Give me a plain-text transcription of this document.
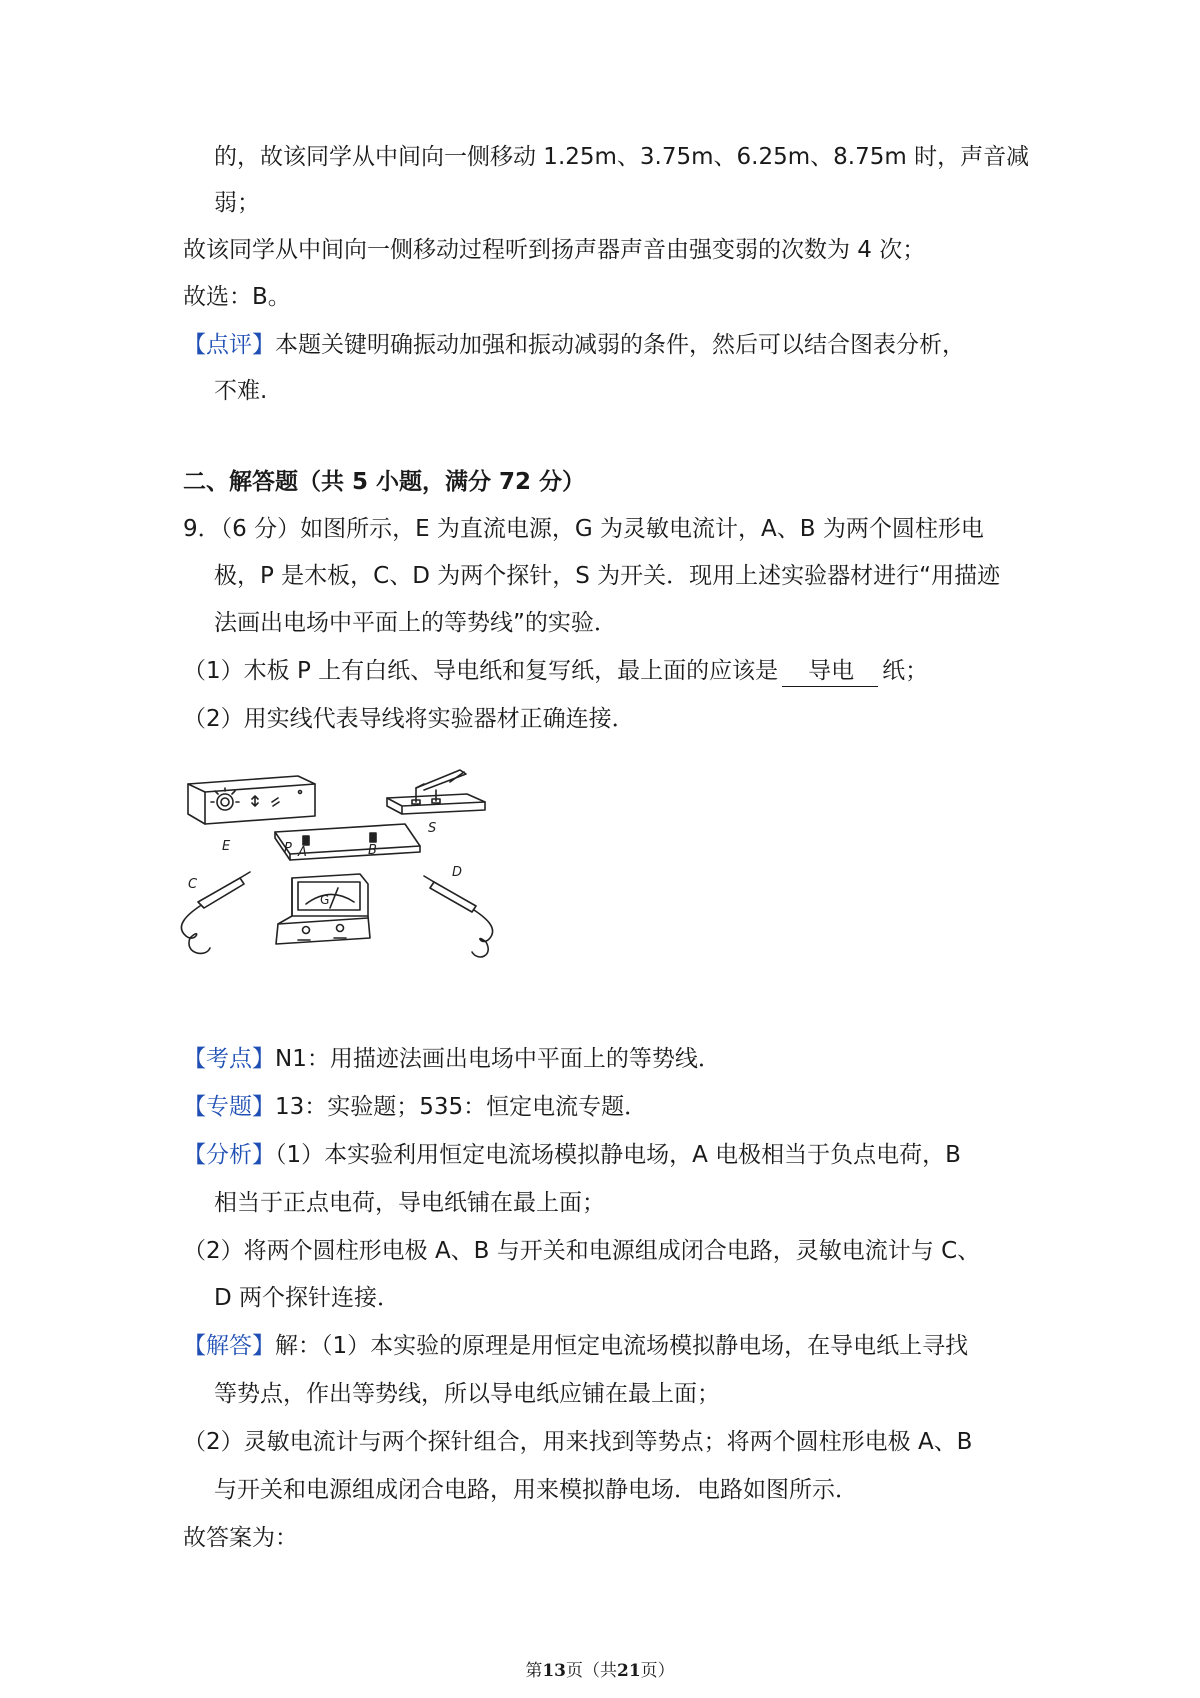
的，故该同学从中间向一侧移动 1.25m、3.75m、6.25m、8.75m 时，声音减
弱；
故该同学从中间向一侧移动过程听到扬声器声音由强变弱的次数为 4 次；
故选：B。
【点评】本题关键明确振动加强和振动减弱的条件，然后可以结合图表分析，
不难.
二、解答题（共 5 小题，满分 72 分）
9．（6 分）如图所示，E 为直流电源，G 为灵敏电流计，A、B 为两个圆柱形电
极，P 是木板，C、D 为两个探针，S 为开关．现用上述实验器材进行“用描迹
法画出电场中平面上的等势线”的实验．
（1）木板 P 上有白纸、导电纸和复写纸，最上面的应该是 导电 纸；
（2）用实线代表导线将实验器材正确连接．
E
S
P A	B
C
D
G
【考点】N1：用描迹法画出电场中平面上的等势线．
【专题】13：实验题；535：恒定电流专题．
【分析】（1）本实验利用恒定电流场模拟静电场，A 电极相当于负点电荷，B
相当于正点电荷，导电纸铺在最上面；
（2）将两个圆柱形电极 A、B 与开关和电源组成闭合电路，灵敏电流计与 C、
D 两个探针连接．
【解答】解：（1）本实验的原理是用恒定电流场模拟静电场，在导电纸上寻找
等势点，作出等势线，所以导电纸应铺在最上面；
（2）灵敏电流计与两个探针组合，用来找到等势点；将两个圆柱形电极 A、B
与开关和电源组成闭合电路，用来模拟静电场．电路如图所示．
故答案为：
第13页（共21页）
